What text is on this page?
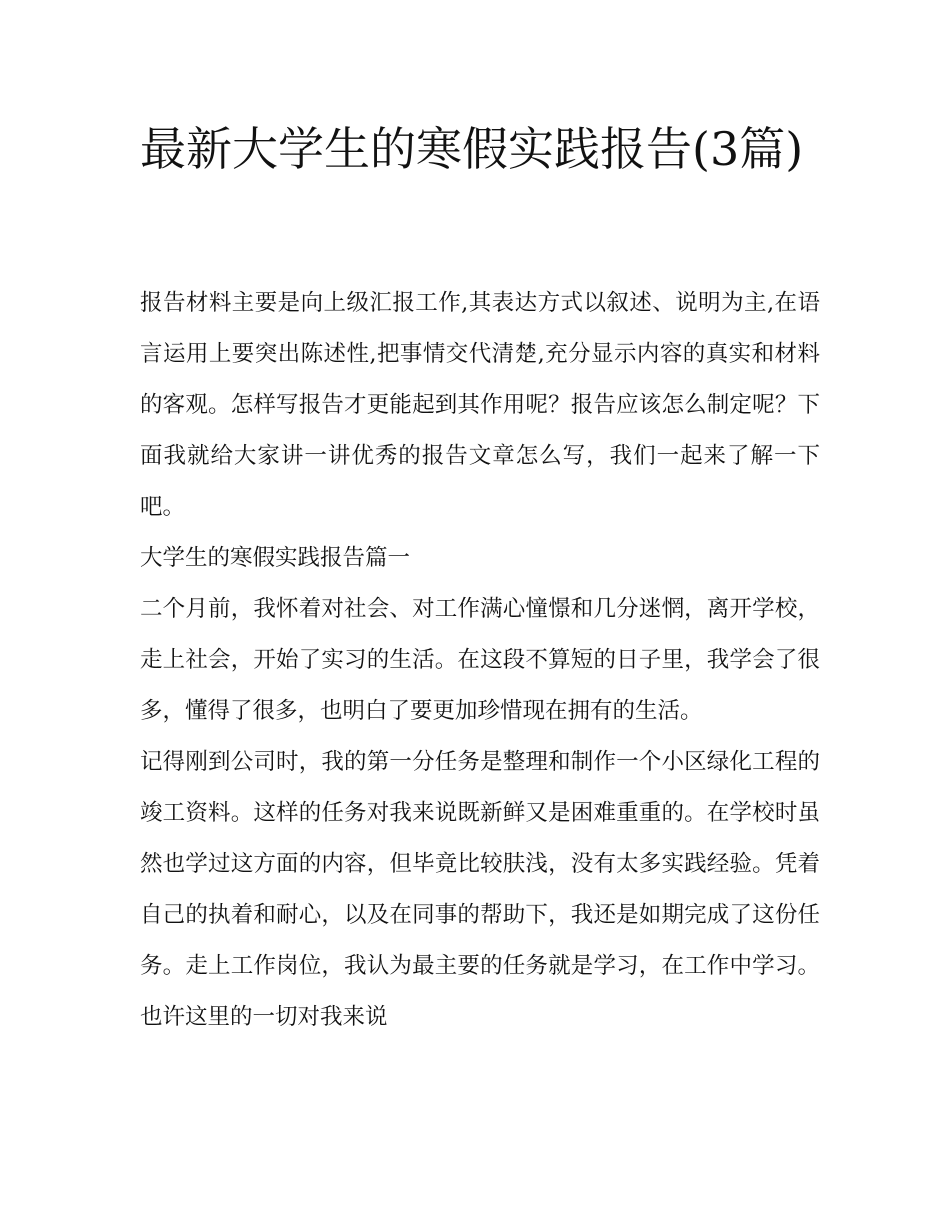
最新大学生的寒假实践报告(3篇)

报告材料主要是向上级汇报工作,其表达方式以叙述、说明为主,在语言运用上要突出陈述性,把事情交代清楚,充分显示内容的真实和材料的客观。怎样写报告才更能起到其作用呢？报告应该怎么制定呢？下面我就给大家讲一讲优秀的报告文章怎么写，我们一起来了解一下吧。

大学生的寒假实践报告篇一

二个月前，我怀着对社会、对工作满心憧憬和几分迷惘，离开学校，走上社会，开始了实习的生活。在这段不算短的日子里，我学会了很多，懂得了很多，也明白了要更加珍惜现在拥有的生活。

记得刚到公司时，我的第一分任务是整理和制作一个小区绿化工程的竣工资料。这样的任务对我来说既新鲜又是困难重重的。在学校时虽然也学过这方面的内容，但毕竟比较肤浅，没有太多实践经验。凭着自己的执着和耐心，以及在同事的帮助下，我还是如期完成了这份任务。走上工作岗位，我认为最主要的任务就是学习，在工作中学习。也许这里的一切对我来说
